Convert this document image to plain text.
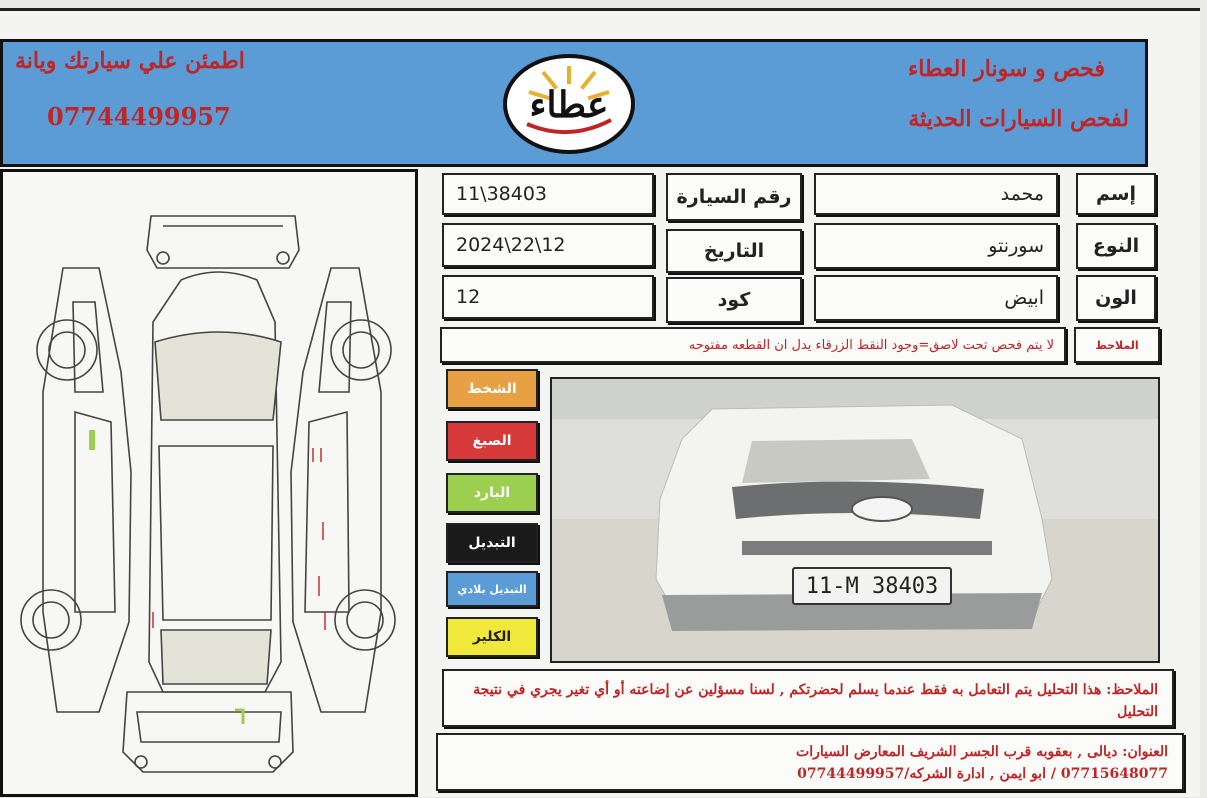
اطمئن علي سيارتك ويانة
07744499957	عطاء
فحص و سونار العطاء
لفحص السيارات الحديثة
إسم
محمد
رقم السيارة
11\38403
النوع
سورنتو
التاريخ
2024\22\12
الون
ابيض
كود
12
الملاحظ
لا يتم فحص تحت لاصق=وجود النقط الزرقاء يدل ان القطعه مفتوحه
الشخط
الصبغ
البارد
التبديل
التبديل بلادي
الكلير
11-M 38403
الملاحظ: هذا التحليل يتم التعامل به فقط عندما يسلم لحضرتكم , لسنا مسؤلين عن إضاعته أو أي تغير يجري في نتيجة التحليل
العنوان: ديالى , بعقوبه قرب الجسر الشريف المعارض السيارات
07715648077 / ابو ايمن , ادارة الشركه/07744499957
